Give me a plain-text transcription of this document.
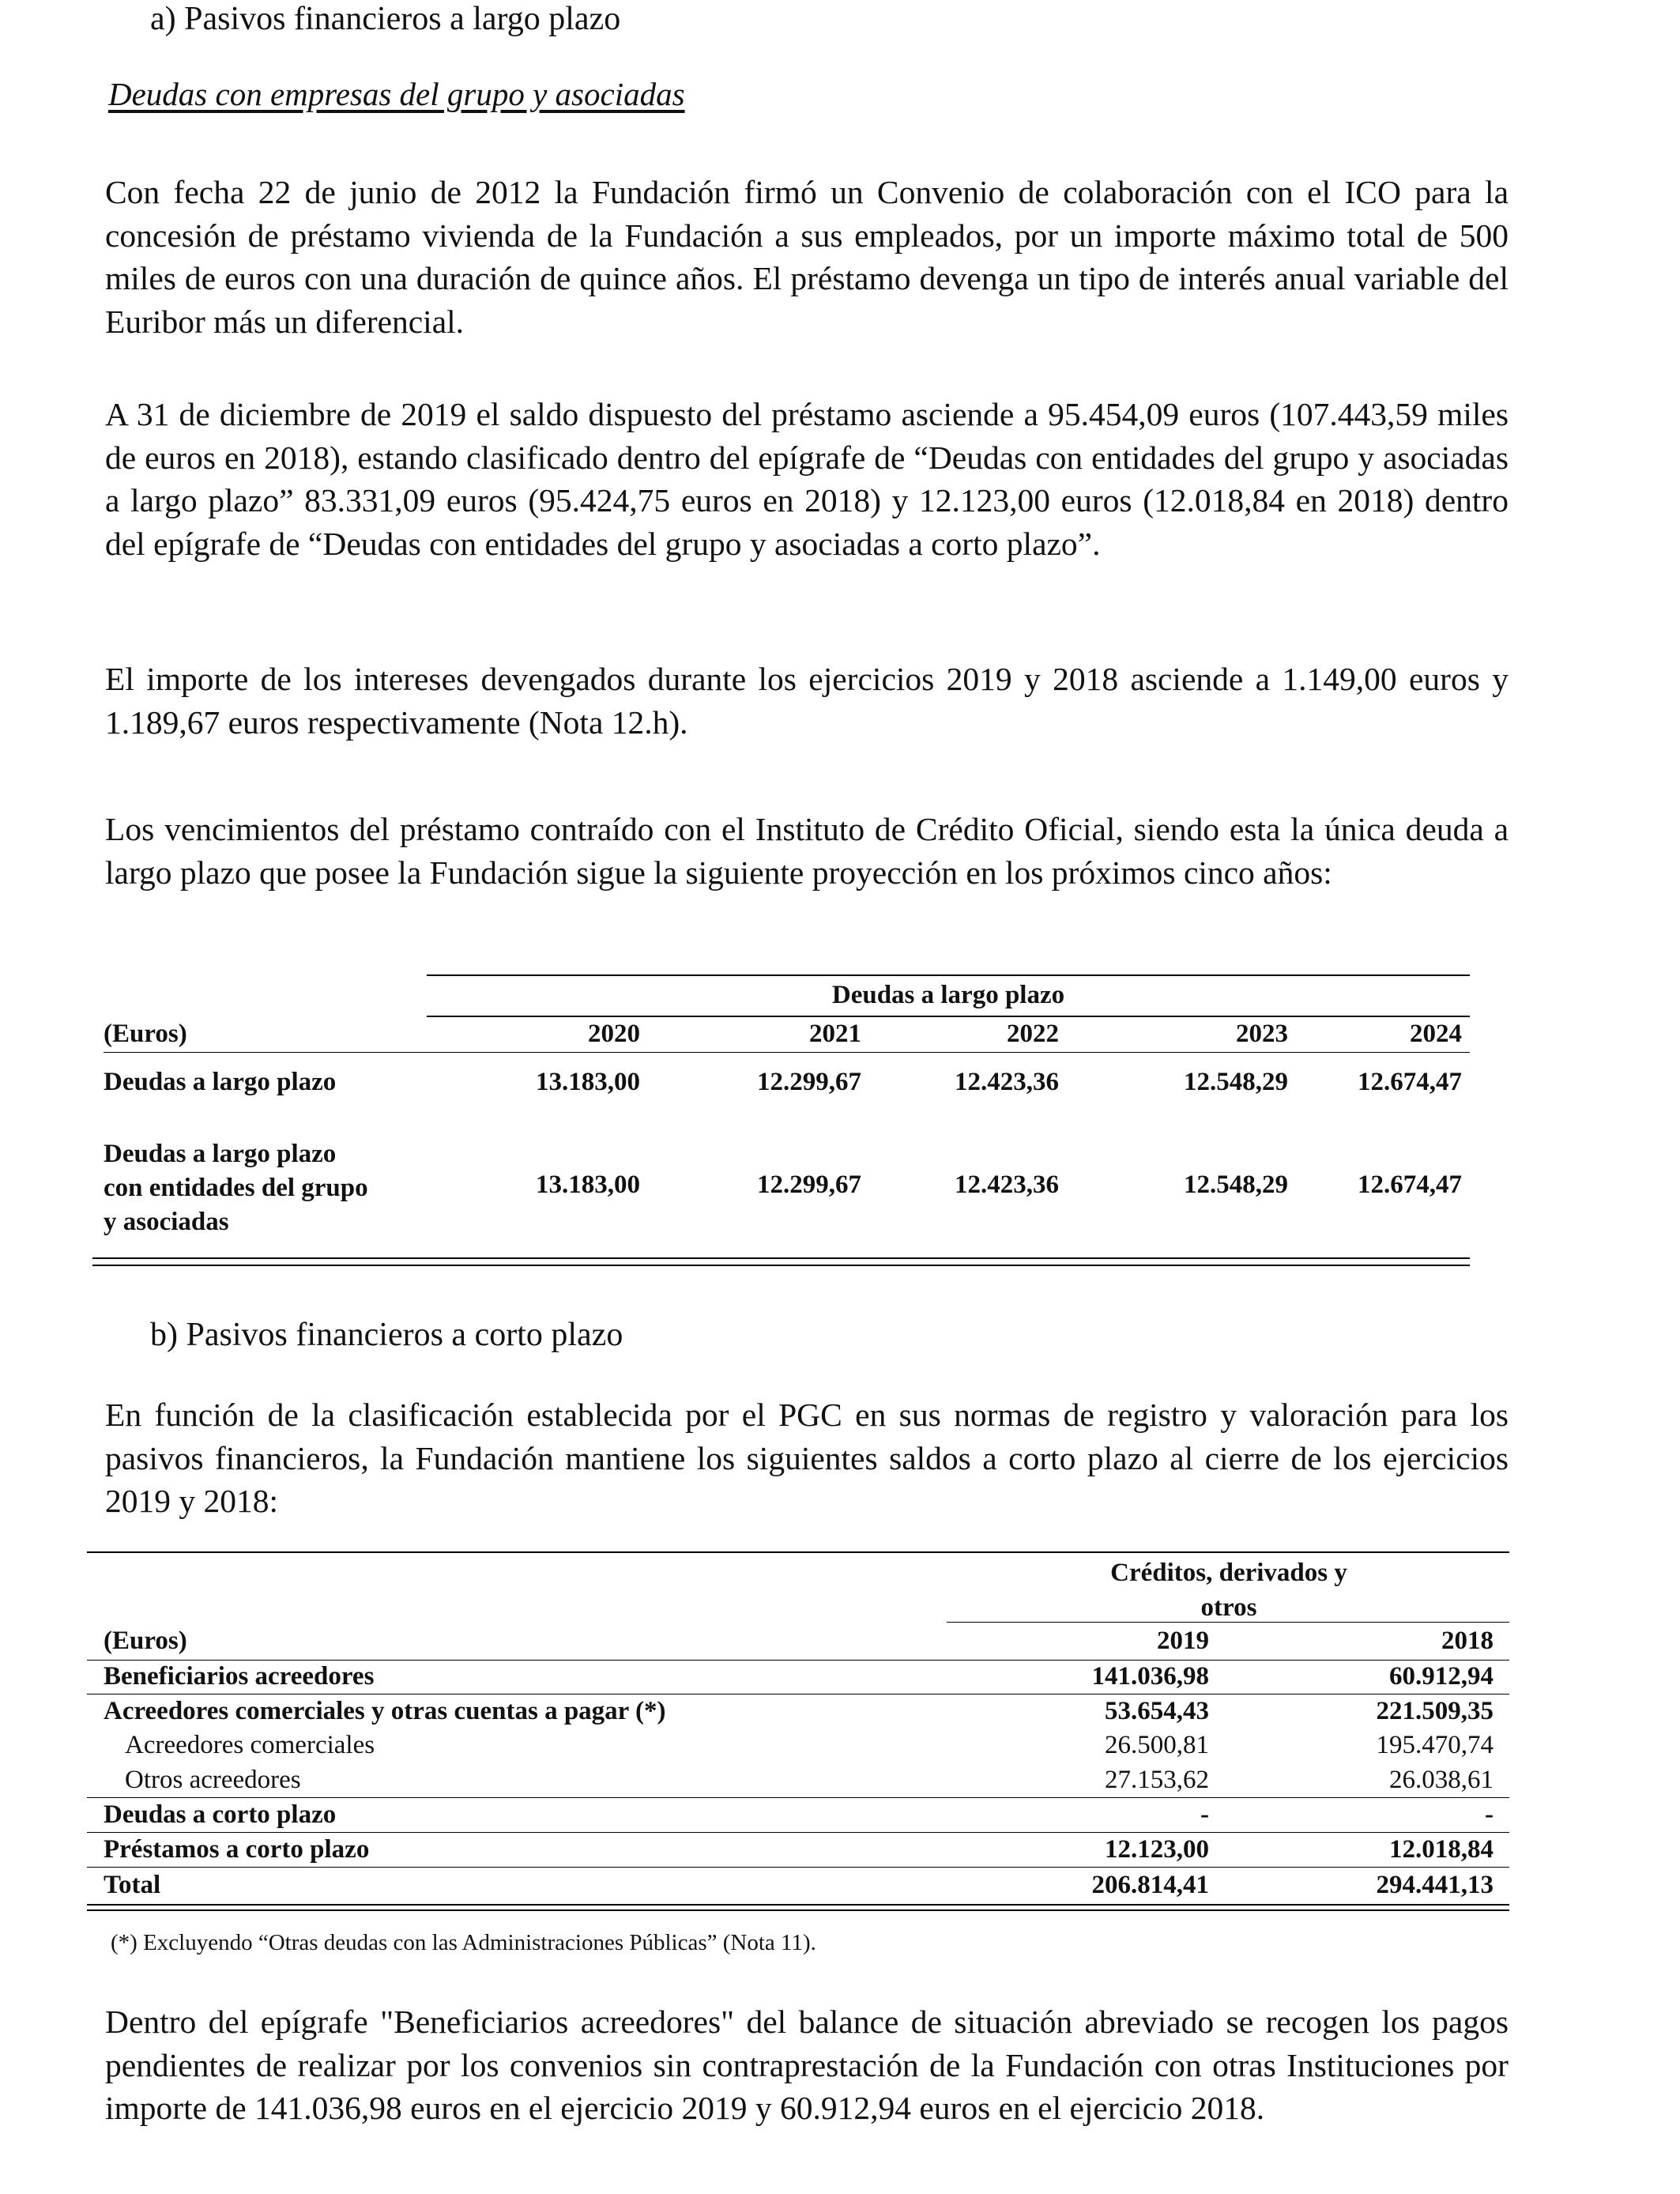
a) Pasivos financieros a largo plazo
Deudas con empresas del grupo y asociadas

Con fecha 22 de junio de 2012 la Fundación firmó un Convenio de colaboración con el ICO para la concesión de préstamo vivienda de la Fundación a sus empleados, por un importe máximo total de 500 miles de euros con una duración de quince años. El préstamo devenga un tipo de interés anual variable del Euribor más un diferencial.

A 31 de diciembre de 2019 el saldo dispuesto del préstamo asciende a 95.454,09 euros (107.443,59 miles de euros en 2018), estando clasificado dentro del epígrafe de “Deudas con entidades del grupo y asociadas a largo plazo” 83.331,09 euros (95.424,75 euros en 2018) y 12.123,00 euros (12.018,84 en 2018) dentro del epígrafe de “Deudas con entidades del grupo y asociadas a corto plazo”.

El importe de los intereses devengados durante los ejercicios 2019 y 2018 asciende a 1.149,00 euros y 1.189,67 euros respectivamente (Nota 12.h).

Los vencimientos del préstamo contraído con el Instituto de Crédito Oficial, siendo esta la única deuda a largo plazo que posee la Fundación sigue la siguiente proyección en los próximos cinco años:

Deudas a largo plazo
(Euros)	2020	2021	2022	2023	2024
Deudas a largo plazo	13.183,00	12.299,67	12.423,36	12.548,29	12.674,47
Deudas a largo plazo
con entidades del grupo
y asociadas
13.183,00	12.299,67	12.423,36	12.548,29	12.674,47
b) Pasivos financieros a corto plazo

En función de la clasificación establecida por el PGC en sus normas de registro y valoración para los pasivos financieros, la Fundación mantiene los siguientes saldos a corto plazo al cierre de los ejercicios 2019 y 2018:

Créditos, derivados y
otros
(Euros)	2019	2018
Beneficiarios acreedores	141.036,98	60.912,94
Acreedores comerciales y otras cuentas a pagar (*)	53.654,43	221.509,35
Acreedores comerciales	26.500,81	195.470,74
Otros acreedores	27.153,62	26.038,61
Deudas a corto plazo	-	-
Préstamos a corto plazo	12.123,00	12.018,84
Total	206.814,41	294.441,13
(*) Excluyendo “Otras deudas con las Administraciones Públicas” (Nota 11).

Dentro del epígrafe "Beneficiarios acreedores" del balance de situación abreviado se recogen los pagos pendientes de realizar por los convenios sin contraprestación de la Fundación con otras Instituciones por importe de 141.036,98 euros en el ejercicio 2019 y 60.912,94 euros en el ejercicio 2018.
